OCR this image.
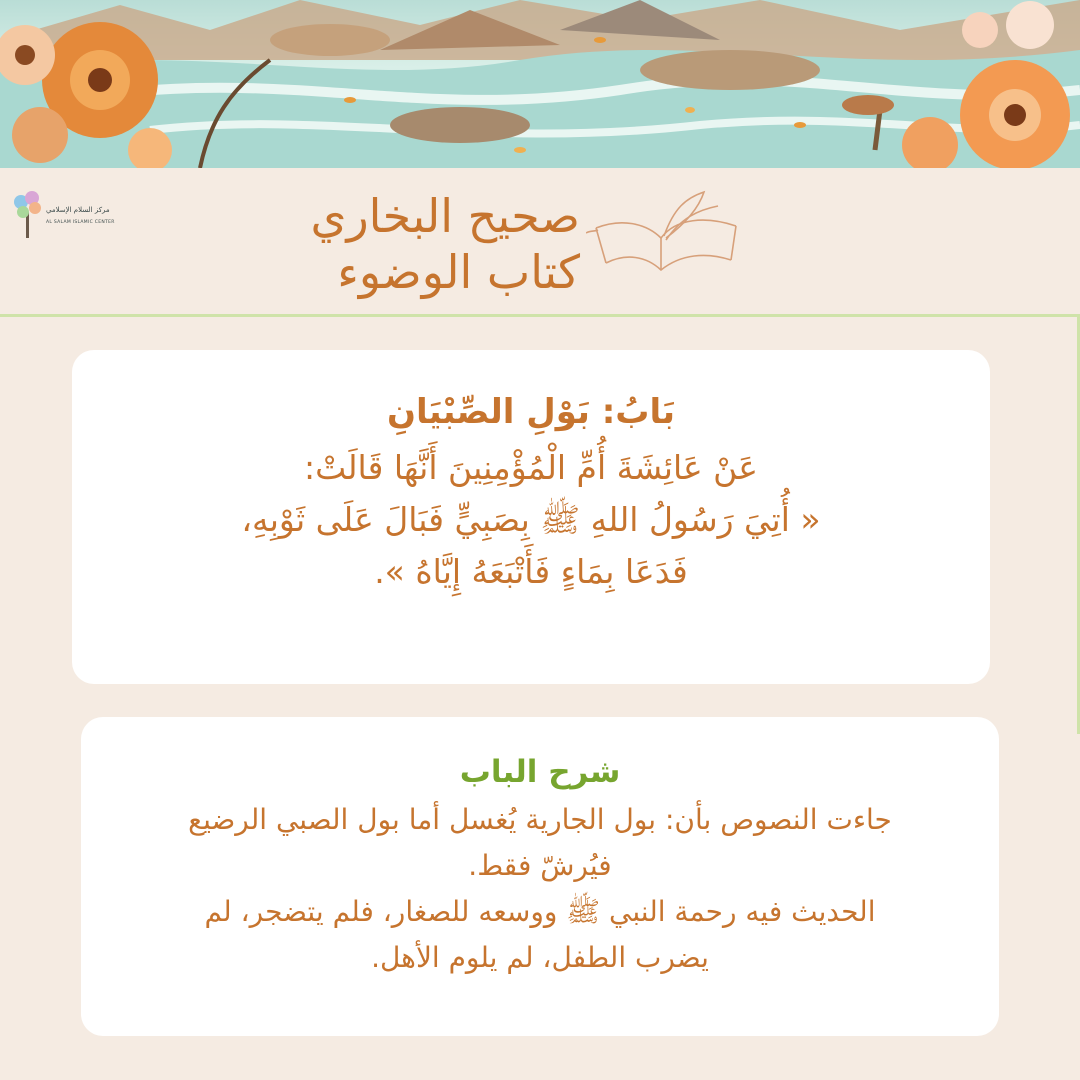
مركز السلام الإسلامي
AL SALAM ISLAMIC CENTER	صحيح البخاري
كتاب الوضوء
بَابُ: بَوْلِ الصِّبْيَانِ
عَنْ عَائِشَةَ أُمِّ الْمُؤْمِنِينَ أَنَّهَا قَالَتْ:
« أُتِيَ رَسُولُ اللهِ ﷺ بِصَبِيٍّ فَبَالَ عَلَى ثَوْبِهِ،
فَدَعَا بِمَاءٍ فَأَتْبَعَهُ إِيَّاهُ ».
شرح الباب
جاءت النصوص بأن: بول الجارية يُغسل أما بول الصبي الرضيع
فيُرشّ فقط.
الحديث فيه رحمة النبي ﷺ ووسعه للصغار، فلم يتضجر، لم
يضرب الطفل، لم يلوم الأهل.
